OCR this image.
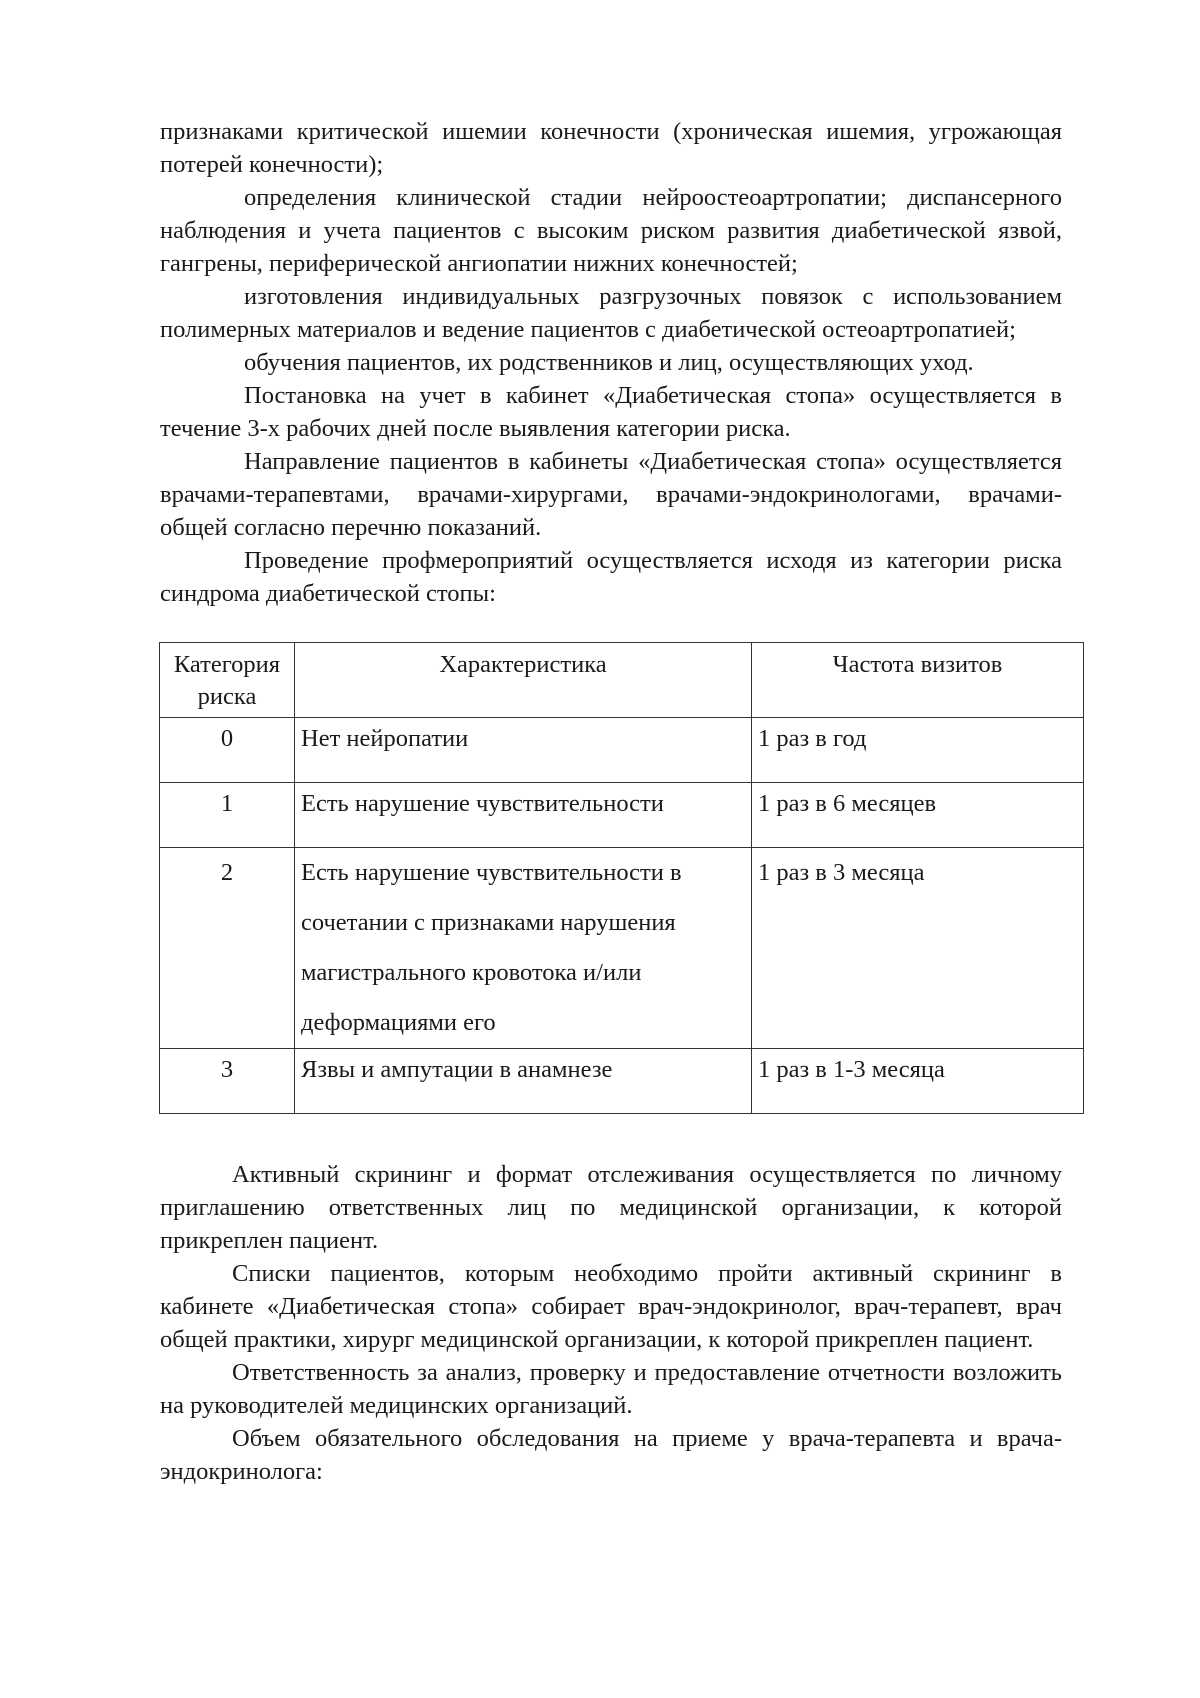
признаками критической ишемии конечности (хроническая ишемия, угрожающая потерей конечности);

определения клинической стадии нейроостеоартропатии; диспансерного наблюдения и учета пациентов с высоким риском развития диабетической язвой, гангрены, периферической ангиопатии нижних конечностей;

изготовления индивидуальных разгрузочных повязок с использованием полимерных материалов и ведение пациентов с диабетической остеоартропатией;

обучения пациентов, их родственников и лиц, осуществляющих уход.

Постановка на учет в кабинет «Диабетическая стопа» осуществляется в течение 3-х рабочих дней после выявления категории риска.

Направление пациентов в кабинеты «Диабетическая стопа» осуществляется врачами-терапевтами, врачами-хирургами, врачами-эндокринологами, врачами-общей согласно перечню показаний.

Проведение профмероприятий осуществляется исходя из категории риска синдрома диабетической стопы:

Категория риска	Характеристика	Частота визитов
0	Нет нейропатии	1 раз в год
1	Есть нарушение чувствительности	1 раз в 6 месяцев
2	Есть нарушение чувствительности в сочетании с признаками нарушения магистрального кровотока и/или деформациями его	1 раз в 3 месяца
3	Язвы и ампутации в анамнезе	1 раз в 1-3 месяца

Активный скрининг и формат отслеживания осуществляется по личному приглашению ответственных лиц по медицинской организации, к которой прикреплен пациент.

Списки пациентов, которым необходимо пройти активный скрининг в кабинете «Диабетическая стопа» собирает врач-эндокринолог, врач-терапевт, врач общей практики, хирург медицинской организации, к которой прикреплен пациент.

Ответственность за анализ, проверку и предоставление отчетности возложить на руководителей медицинских организаций.

Объем обязательного обследования на приеме у врача-терапевта и врача-эндокринолога:
